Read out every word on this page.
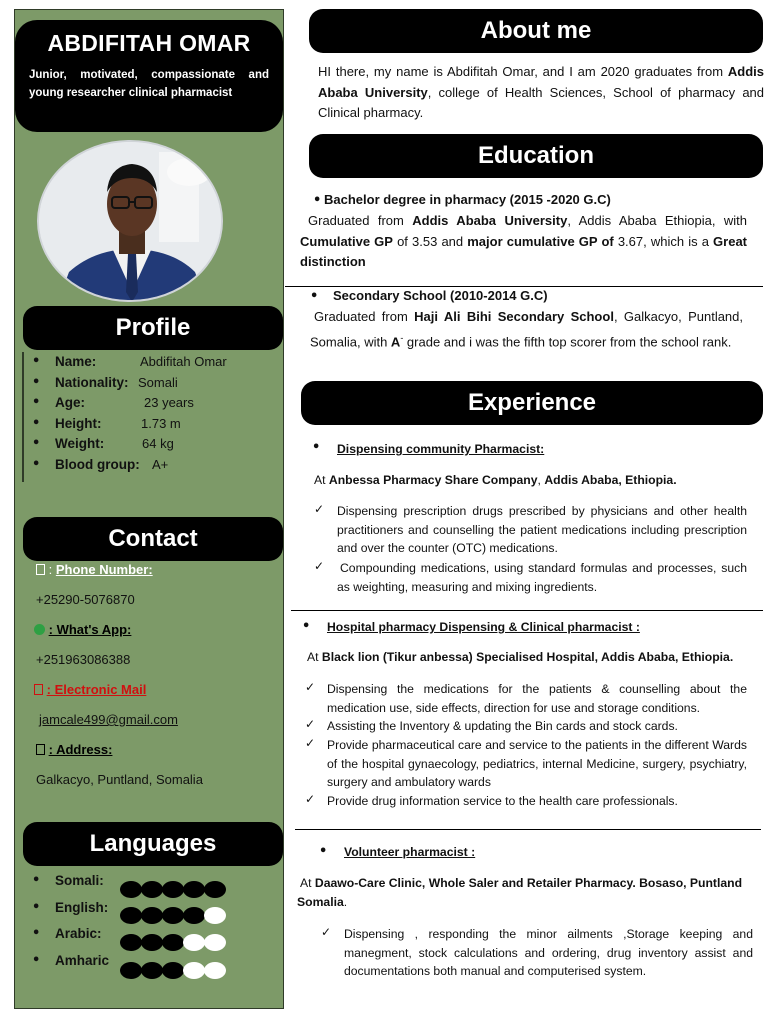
ABDIFITAH OMAR
Junior, motivated, compassionate and young researcher clinical pharmacist
Profile
• Name:	Abdifitah Omar
• Nationality: Somali
• Age:	23 years
• Height:	1.73 m
• Weight:	64 kg
• Blood group: A+
Contact
: Phone Number:
+25290-5076870
: What's App:
+251963086388
: Electronic Mail
jamcale499@gmail.com
: Address:
Galkacyo, Puntland, Somalia
Languages
• Somali:
• English:
• Arabic:
• Amharic
About me
HI there, my name is Abdifitah Omar, and I am 2020 graduates from Addis Ababa University, college of Health Sciences, School of pharmacy and Clinical pharmacy.
Education
• Bachelor degree in pharmacy (2015 -2020 G.C)
Graduated from Addis Ababa University, Addis Ababa Ethiopia, with Cumulative GP of 3.53 and major cumulative GP of 3.67, which is a Great distinction
• Secondary School (2010-2014 G.C)
Graduated from Haji Ali Bihi Secondary School, Galkacyo, Puntland, Somalia, with A- grade and i was the fifth top scorer from the school rank.
Experience
• Dispensing community Pharmacist:
At Anbessa Pharmacy Share Company, Addis Ababa, Ethiopia.
✓ Dispensing prescription drugs prescribed by physicians and other health practitioners and counselling the patient medications including prescription and over the counter (OTC) medications.
✓ Compounding medications, using standard formulas and processes, such as weighting, measuring and mixing ingredients.
• Hospital pharmacy Dispensing & Clinical pharmacist :
At Black lion (Tikur anbessa) Specialised Hospital, Addis Ababa, Ethiopia.
✓ Dispensing the medications for the patients & counselling about the medication use, side effects, direction for use and storage conditions.
✓ Assisting the Inventory & updating the Bin cards and stock cards.
✓ Provide pharmaceutical care and service to the patients in the different Wards of the hospital gynaecology, pediatrics, internal Medicine, surgery, psychiatry, surgery and ambulatory wards
✓ Provide drug information service to the health care professionals.
• Volunteer pharmacist :
At Daawo-Care Clinic, Whole Saler and Retailer Pharmacy. Bosaso, Puntland Somalia.
✓ Dispensing , responding the minor ailments ,Storage keeping and manegment, stock calculations and ordering, drug inventory assist and documentations both manual and computerised system.
